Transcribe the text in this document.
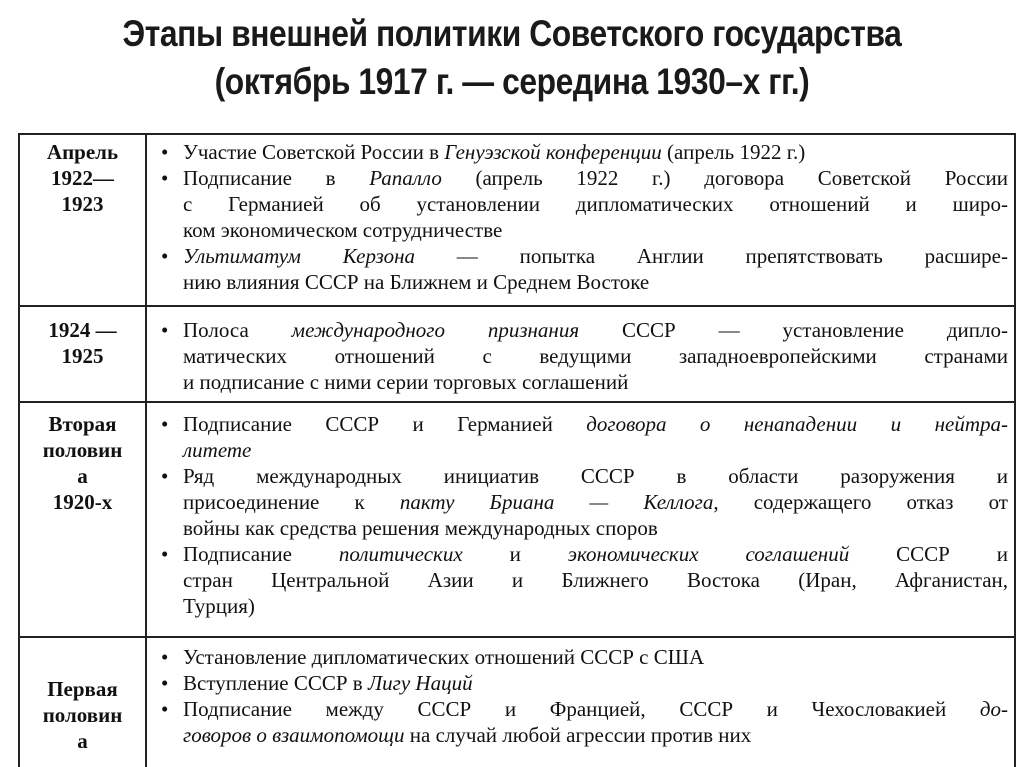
Этапы внешней политики Советского государства
(октябрь 1917 г. — середина 1930–х гг.)
Апрель
1922—
1923
• Участие Советской России в Генуэзской конференции (апрель 1922 г.)
• Подписание в Рапалло (апрель 1922 г.) договора Советской России
с Германией об установлении дипломатических отношений и широ-
ком экономическом сотрудничестве
• Ультиматум Керзона — попытка Англии препятствовать расшире-
нию влияния СССР на Ближнем и Среднем Востоке
1924 —
1925
• Полоса международного признания СССР — установление дипло-
матических отношений с ведущими западноевропейскими странами
и подписание с ними серии торговых соглашений
Вторая
половин
а
1920-х
• Подписание СССР и Германией договора о ненападении и нейтра-
литете
• Ряд международных инициатив СССР в области разоружения и
присоединение к пакту Бриана — Келлога, содержащего отказ от
войны как средства решения международных споров
• Подписание политических и экономических соглашений СССР и
стран Центральной Азии и Ближнего Востока (Иран, Афганистан,
Турция)
Первая
половин
а
• Установление дипломатических отношений СССР с США
• Вступление СССР в Лигу Наций
• Подписание между СССР и Францией, СССР и Чехословакией до-
говоров о взаимопомощи на случай любой агрессии против них
